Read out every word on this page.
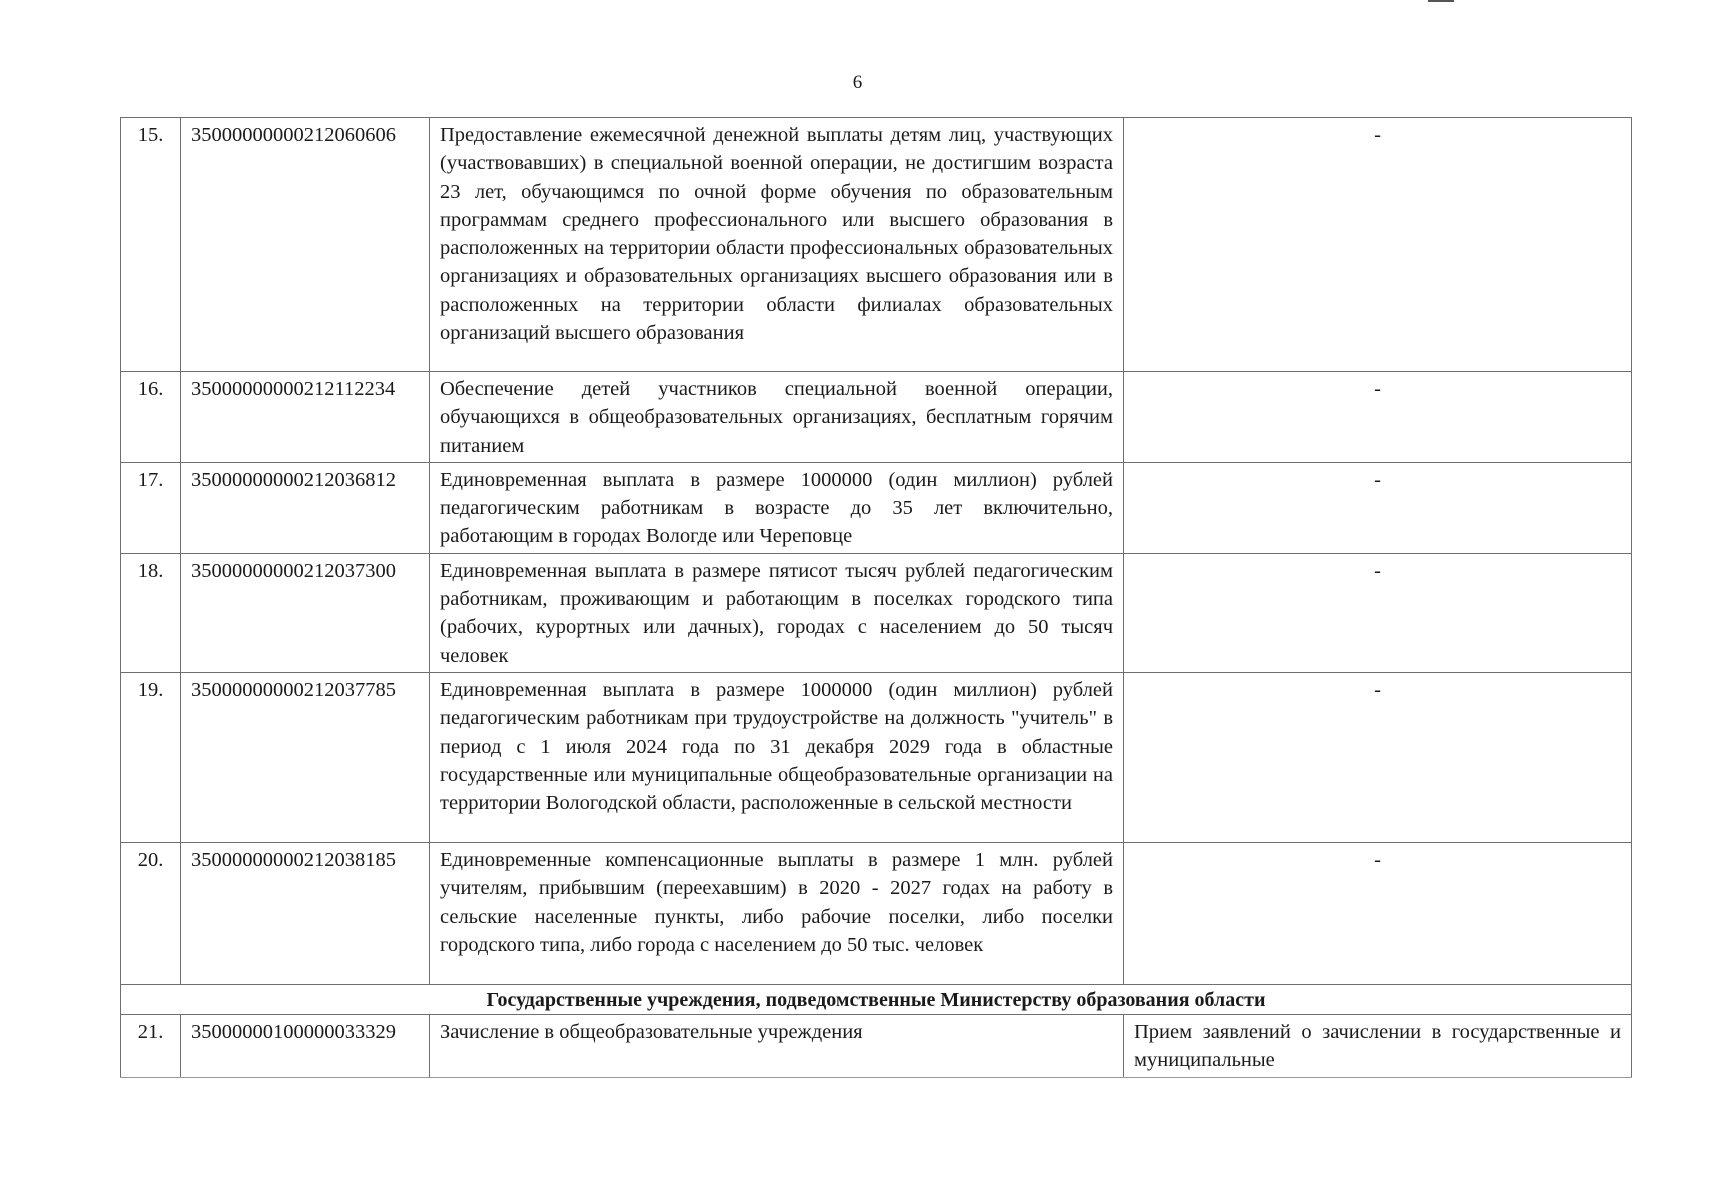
6
15.	35000000000212060606	Предоставление ежемесячной денежной выплаты детям лиц, участвующих (участвовавших) в специальной военной операции, не достигшим возраста 23 лет, обучающимся по очной форме обучения по образовательным программам среднего профессионального или высшего образования в расположенных на территории области профессиональных образовательных организациях и образовательных организациях высшего образования или в расположенных на территории области филиалах образовательных организаций высшего образования	-
16.	35000000000212112234	Обеспечение детей участников специальной военной операции, обучающихся в общеобразовательных организациях, бесплатным горячим питанием	-
17.	35000000000212036812	Единовременная выплата в размере 1000000 (один миллион) рублей педагогическим работникам в возрасте до 35 лет включительно, работающим в городах Вологде или Череповце	-
18.	35000000000212037300	Единовременная выплата в размере пятисот тысяч рублей педагогическим работникам, проживающим и работающим в поселках городского типа (рабочих, курортных или дачных), городах с населением до 50 тысяч человек	-
19.	35000000000212037785	Единовременная выплата в размере 1000000 (один миллион) рублей педагогическим работникам при трудоустройстве на должность "учитель" в период с 1 июля 2024 года по 31 декабря 2029 года в областные государственные или муниципальные общеобразовательные организации на территории Вологодской области, расположенные в сельской местности	-
20.	35000000000212038185	Единовременные компенсационные выплаты в размере 1 млн. рублей учителям, прибывшим (переехавшим) в 2020 - 2027 годах на работу в сельские населенные пункты, либо рабочие поселки, либо поселки городского типа, либо города с населением до 50 тыс. человек	-
Государственные учреждения, подведомственные Министерству образования области			
21.	35000000100000033329	Зачисление в общеобразовательные учреждения	Прием заявлений о зачислении в государственные и муниципальные
